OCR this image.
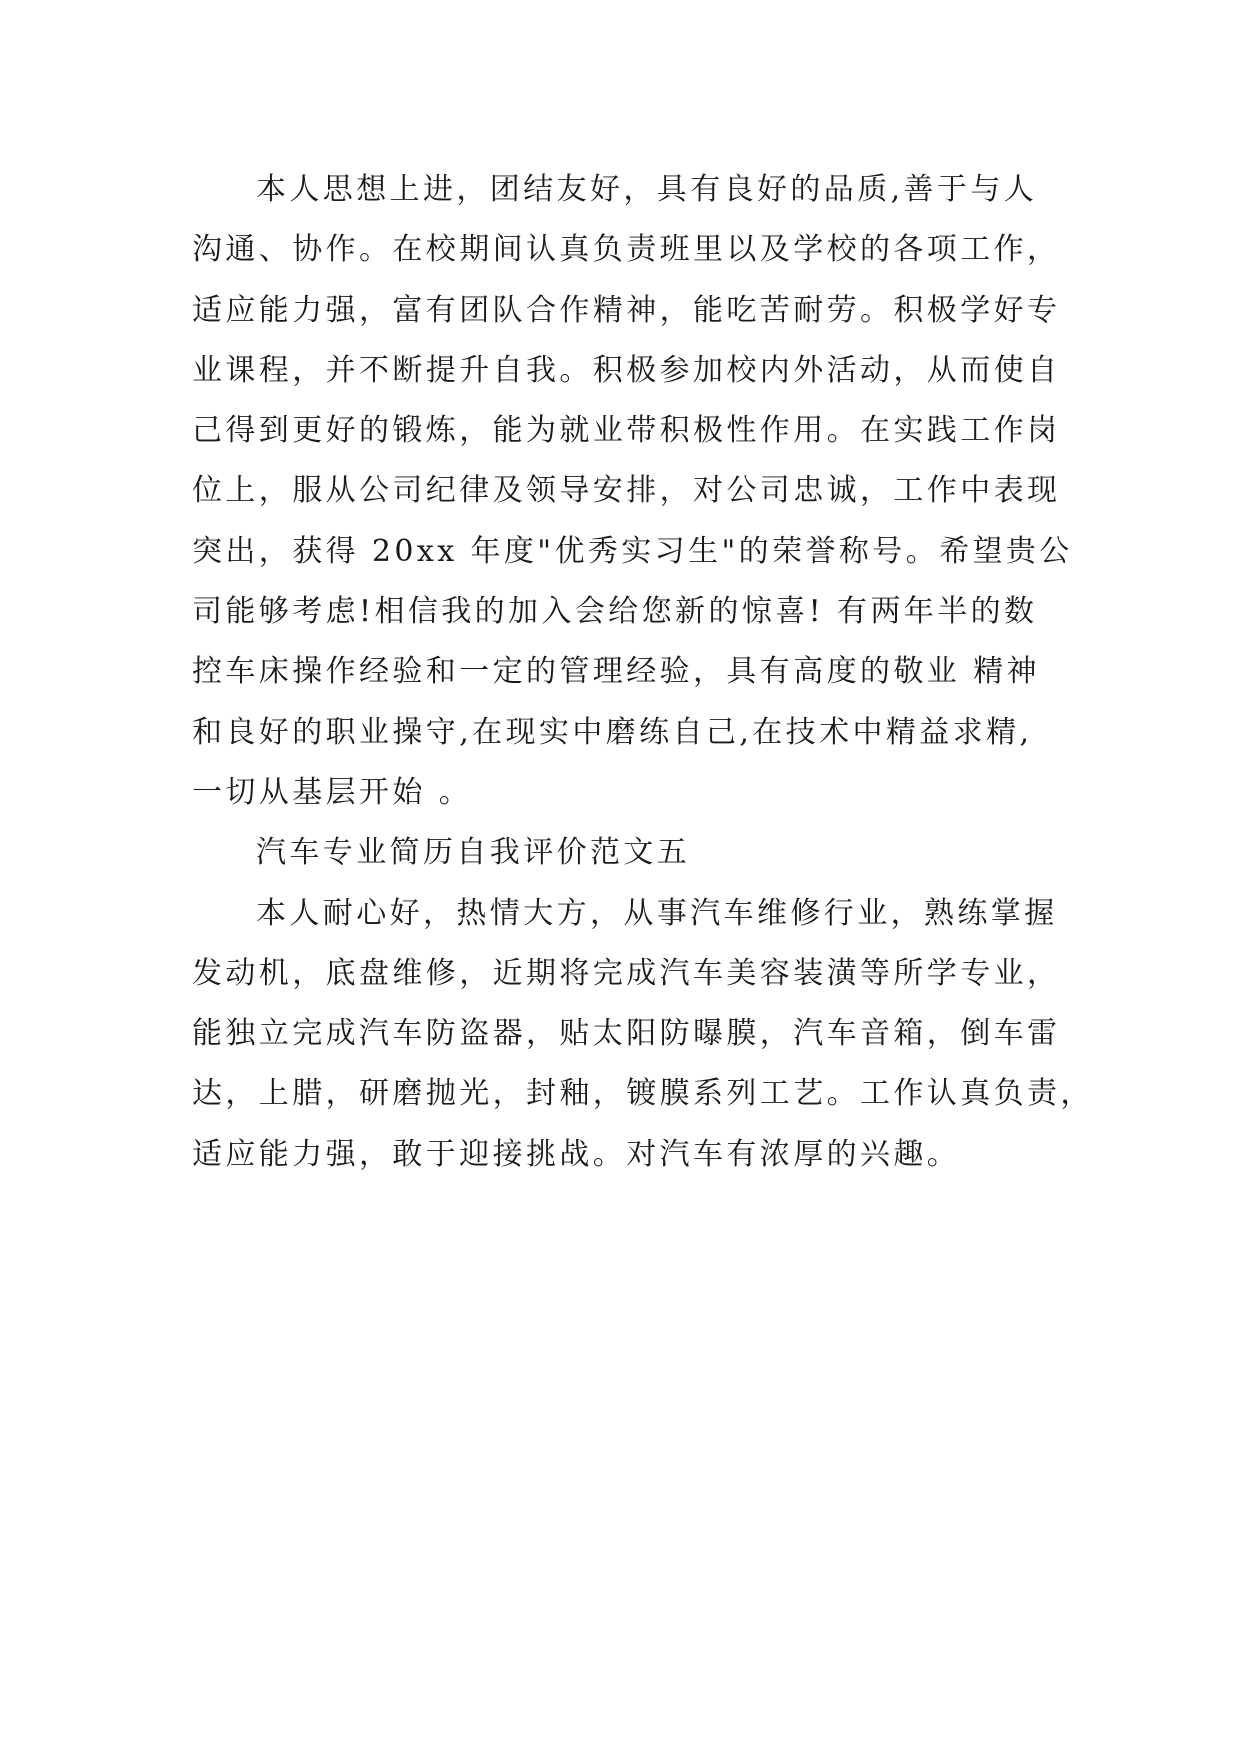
本人思想上进，团结友好，具有良好的品质,善于与人
沟通、协作。在校期间认真负责班里以及学校的各项工作，
适应能力强，富有团队合作精神，能吃苦耐劳。积极学好专
业课程，并不断提升自我。积极参加校内外活动，从而使自
己得到更好的锻炼，能为就业带积极性作用。在实践工作岗
位上，服从公司纪律及领导安排，对公司忠诚，工作中表现
突出，获得 20xx 年度"优秀实习生"的荣誉称号。希望贵公
司能够考虑!相信我的加入会给您新的惊喜! 有两年半的数
控车床操作经验和一定的管理经验，具有高度的敬业 精神
和良好的职业操守,在现实中磨练自己,在技术中精益求精,
一切从基层开始 。
汽车专业简历自我评价范文五
本人耐心好，热情大方，从事汽车维修行业，熟练掌握
发动机，底盘维修，近期将完成汽车美容装潢等所学专业，
能独立完成汽车防盗器，贴太阳防曝膜，汽车音箱，倒车雷
达，上腊，研磨抛光，封釉，镀膜系列工艺。工作认真负责，
适应能力强，敢于迎接挑战。对汽车有浓厚的兴趣。
